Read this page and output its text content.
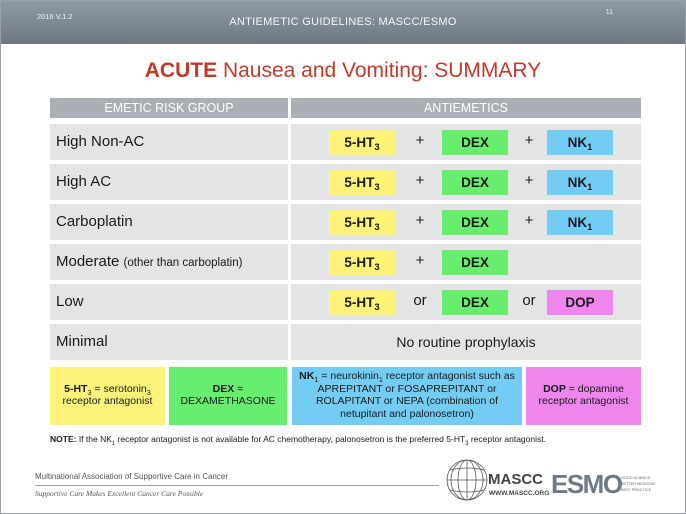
2016 V.1.2	ANTIEMETIC GUIDELINES: MASCC/ESMO
11
ACUTE Nausea and Vomiting: SUMMARY
EMETIC RISK GROUP	ANTIEMETICS
High Non-AC	$5-HT_3$	+	DEX	+	$NK_1$
High AC	$5-HT_3$	+	DEX	+	$NK_1$
Carboplatin	$5-HT_3$	+	DEX	+	$NK_1$
Moderate (other than carboplatin)	$5-HT_3$	+	DEX
Low	$5-HT_3$	or	DEX	or	DOP
Minimal	No routine prophylaxis
$5-HT_3$ = serotonin$_3$
receptor antagonist
DEX =
DEXAMETHASONE
$NK_1$ = neurokinin$_1$ receptor antagonist such as
APREPITANT or FOSAPREPITANT or
ROLAPITANT or NEPA (combination of
netupitant and palonosetron)
DOP = dopamine
receptor antagonist
NOTE: If the $NK_1$ receptor antagonist is not available for AC chemotherapy, palonosetron is the preferred $5-HT_3$ receptor antagonist.
Multinational Association of Supportive Care in Cancer
Supportive Care Makes Excellent Cancer Care Possible
MASCC
WWW.MASCC.ORG ESMO GOOD SCIENCE
BETTER MEDICINE
BEST PRACTICE
